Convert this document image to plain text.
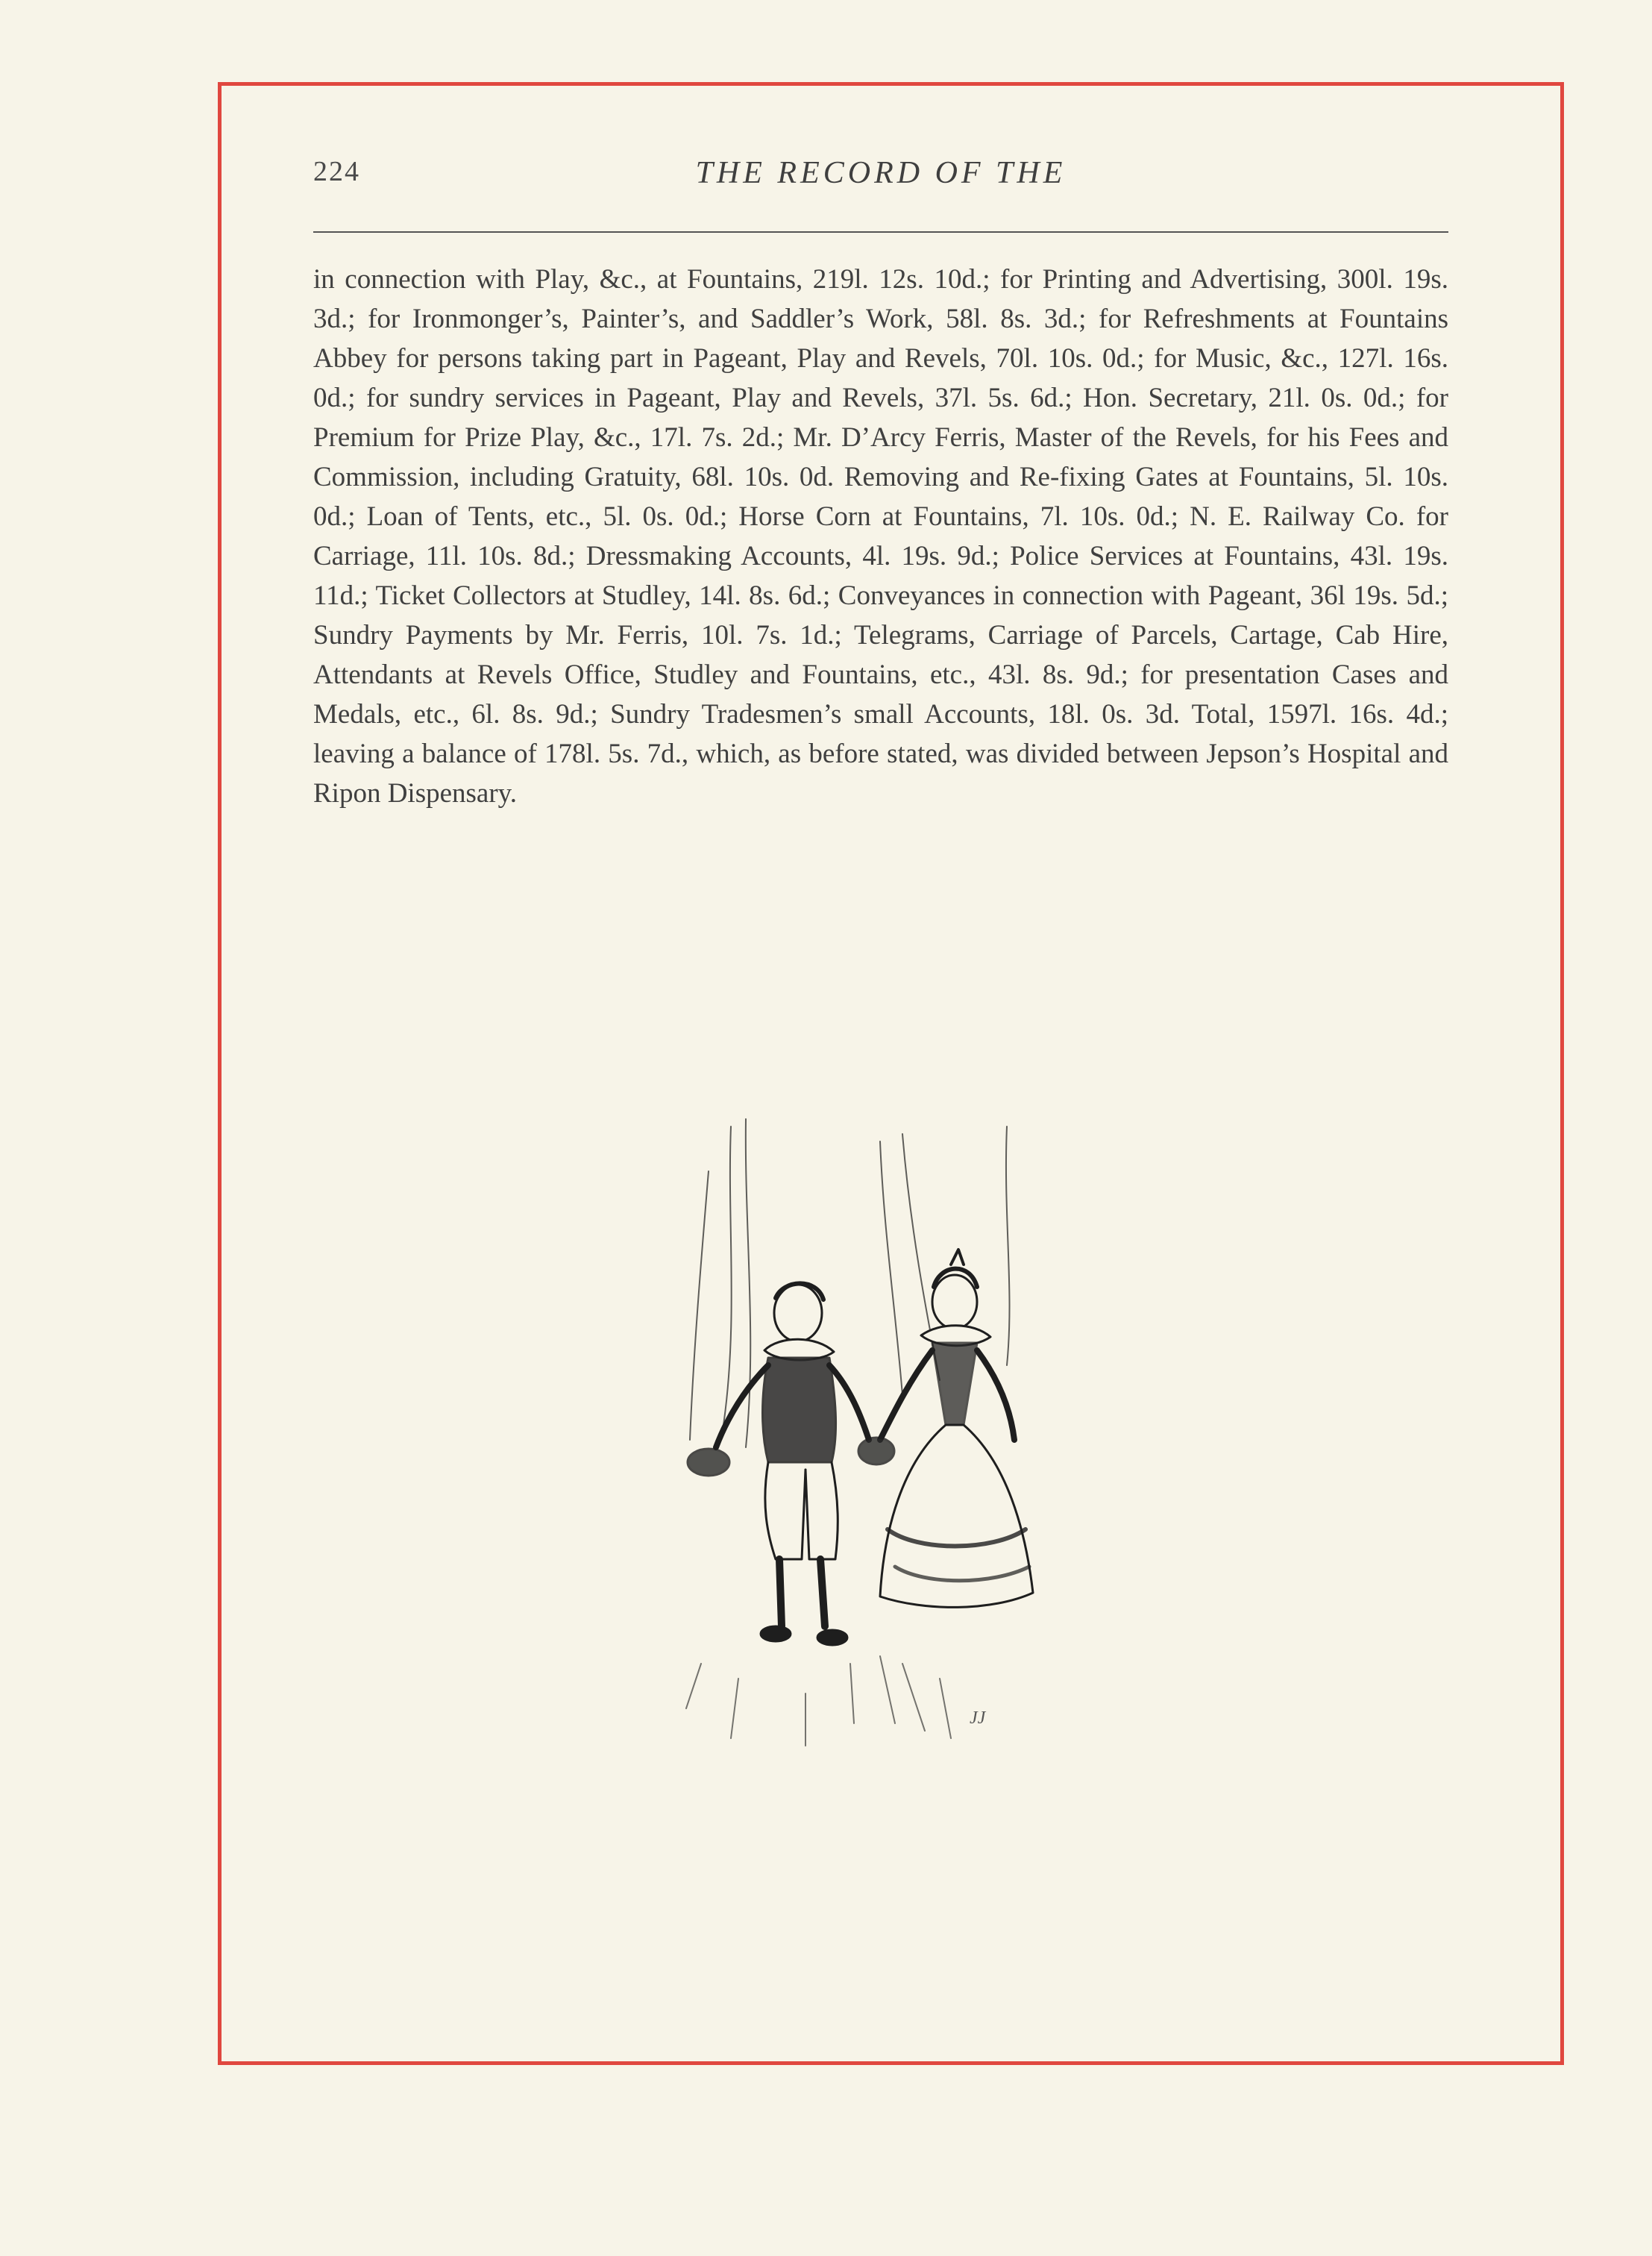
224	THE RECORD OF THE

in connection with Play, &c., at Fountains, 219l. 12s. 10d.; for Printing and Advertising, 300l. 19s. 3d.; for Ironmonger’s, Painter’s, and Saddler’s Work, 58l. 8s. 3d.; for Refreshments at Fountains Abbey for persons taking part in Pageant, Play and Revels, 70l. 10s. 0d.; for Music, &c., 127l. 16s. 0d.; for sundry services in Pageant, Play and Revels, 37l. 5s. 6d.; Hon. Secretary, 21l. 0s. 0d.; for Premium for Prize Play, &c., 17l. 7s. 2d.; Mr. D’Arcy Ferris, Master of the Revels, for his Fees and Commission, including Gratuity, 68l. 10s. 0d. Removing and Re-fixing Gates at Fountains, 5l. 10s. 0d.; Loan of Tents, etc., 5l. 0s. 0d.; Horse Corn at Fountains, 7l. 10s. 0d.; N. E. Railway Co. for Carriage, 11l. 10s. 8d.; Dressmaking Accounts, 4l. 19s. 9d.; Police Services at Fountains, 43l. 19s. 11d.; Ticket Collectors at Studley, 14l. 8s. 6d.; Conveyances in connection with Pageant, 36l 19s. 5d.; Sundry Payments by Mr. Ferris, 10l. 7s. 1d.; Telegrams, Carriage of Parcels, Cartage, Cab Hire, Attendants at Revels Office, Studley and Fountains, etc., 43l. 8s. 9d.; for presentation Cases and Medals, etc., 6l. 8s. 9d.; Sundry Tradesmen’s small Accounts, 18l. 0s. 3d. Total, 1597l. 16s. 4d.; leaving a balance of 178l. 5s. 7d., which, as before stated, was divided between Jepson’s Hospital and Ripon Dispensary.

JJ
